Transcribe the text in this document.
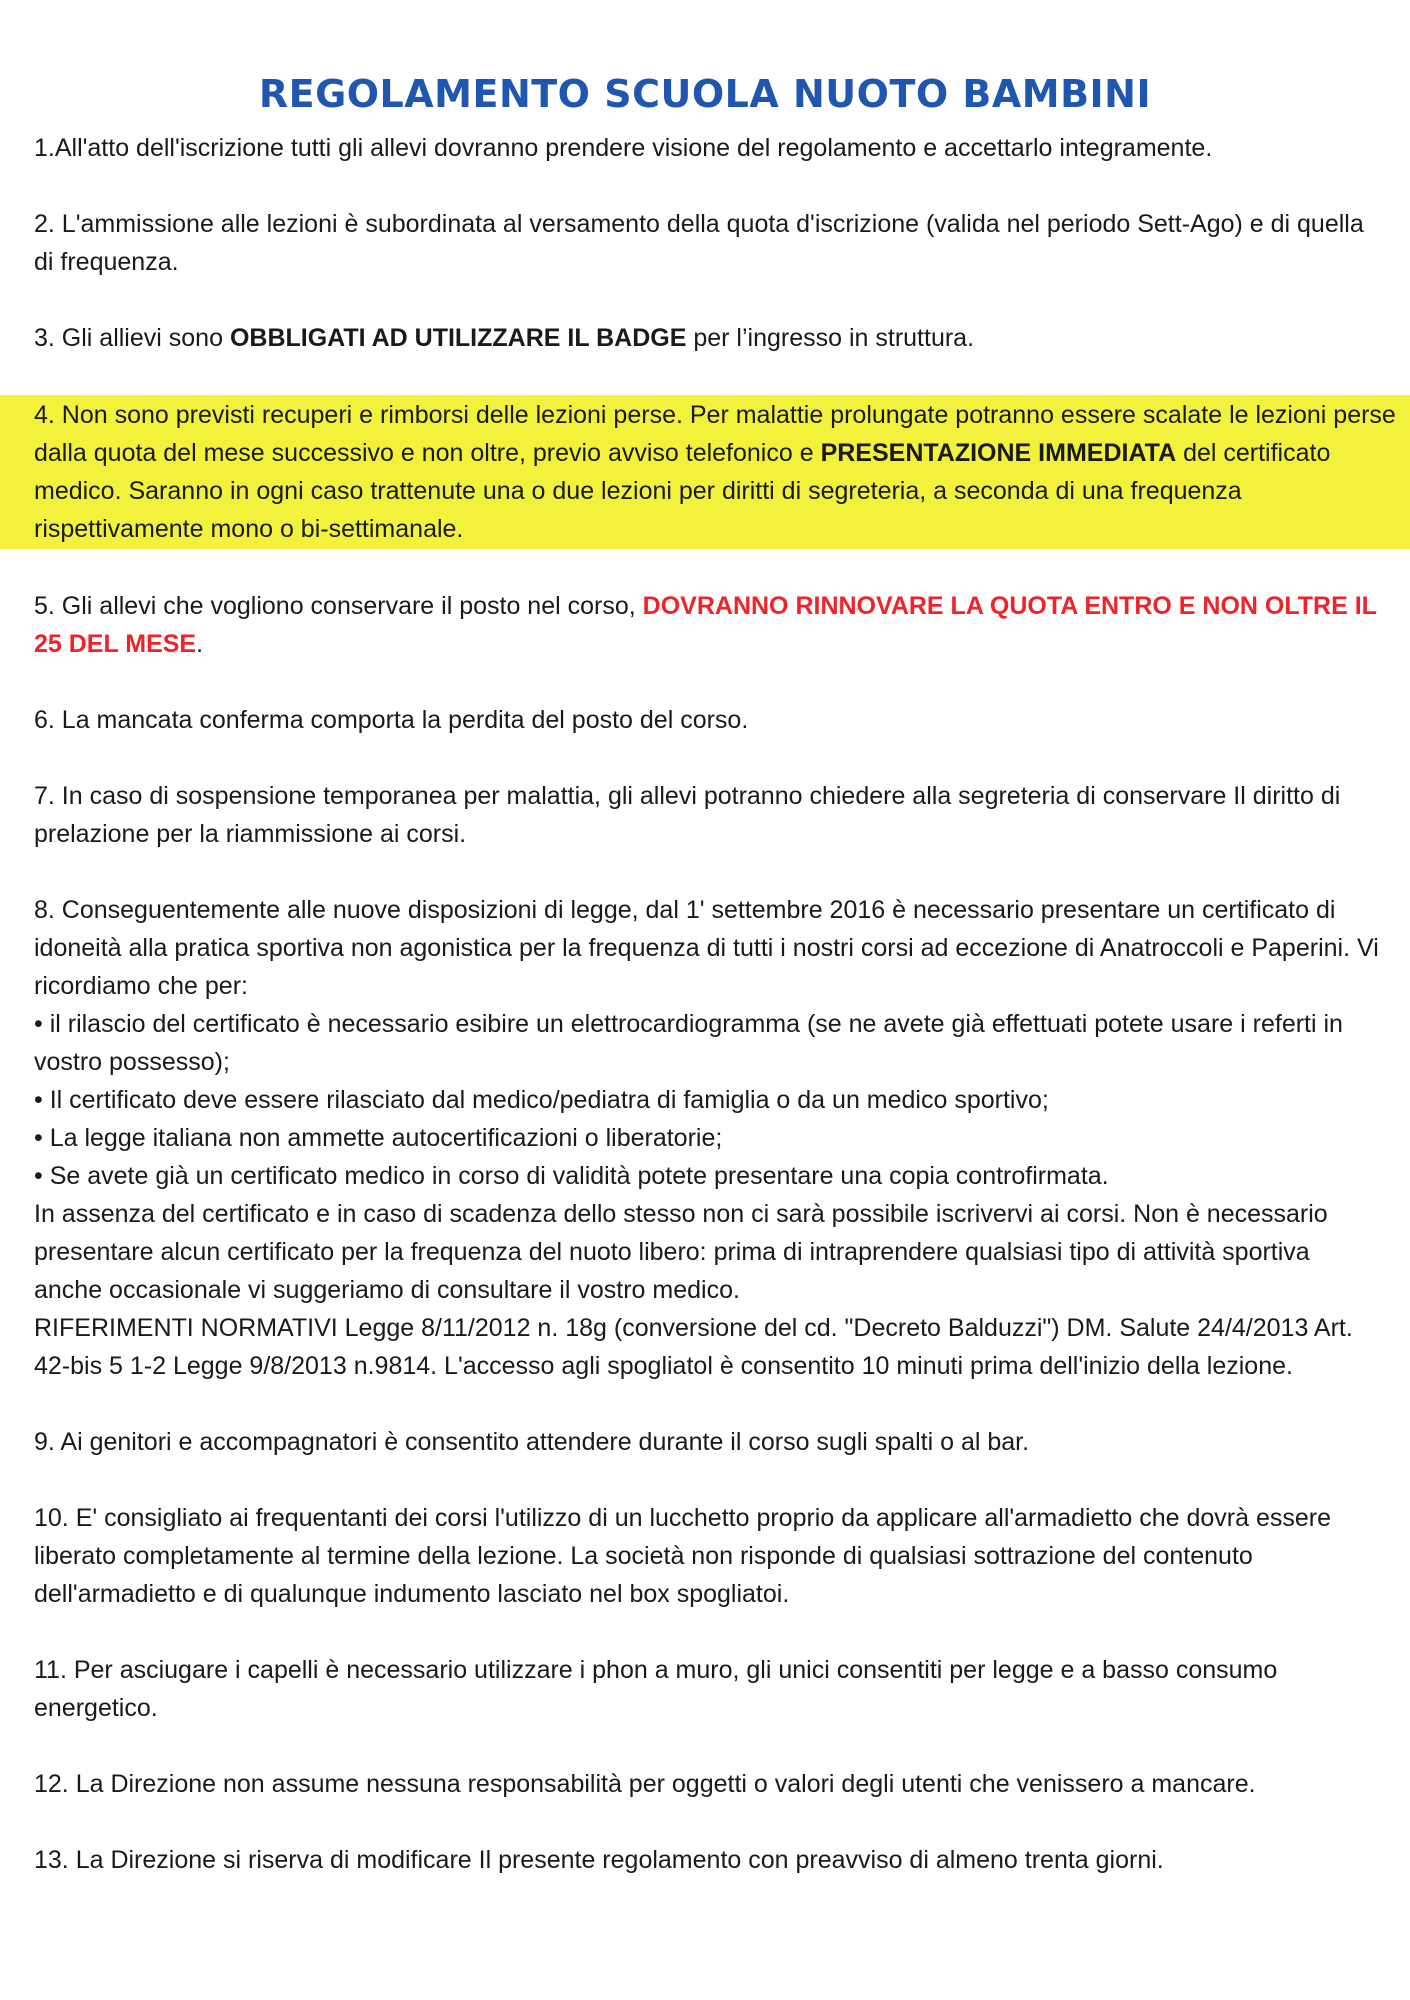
REGOLAMENTO SCUOLA NUOTO BAMBINI

1.All'atto dell'iscrizione tutti gli allevi dovranno prendere visione del regolamento e accettarlo integramente.

2. L'ammissione alle lezioni è subordinata al versamento della quota d'iscrizione (valida nel periodo Sett-Ago) e di quella di frequenza.

3. Gli allievi sono OBBLIGATI AD UTILIZZARE IL BADGE per l’ingresso in struttura.

4. Non sono previsti recuperi e rimborsi delle lezioni perse. Per malattie prolungate potranno essere scalate le lezioni perse dalla quota del mese successivo e non oltre, previo avviso telefonico e PRESENTAZIONE IMMEDIATA del certificato medico. Saranno in ogni caso trattenute una o due lezioni per diritti di segreteria, a seconda di una frequenza rispettivamente mono o bi-settimanale.

5. Gli allevi che vogliono conservare il posto nel corso, DOVRANNO RINNOVARE LA QUOTA ENTRO E NON OLTRE IL 25 DEL MESE.

6. La mancata conferma comporta la perdita del posto del corso.

7. In caso di sospensione temporanea per malattia, gli allevi potranno chiedere alla segreteria di conservare Il diritto di prelazione per la riammissione ai corsi.

8. Conseguentemente alle nuove disposizioni di legge, dal 1' settembre 2016 è necessario presentare un certificato di idoneità alla pratica sportiva non agonistica per la frequenza di tutti i nostri corsi ad eccezione di Anatroccoli e Paperini. Vi ricordiamo che per:

• il rilascio del certificato è necessario esibire un elettrocardiogramma (se ne avete già effettuati potete usare i referti in vostro possesso);

• Il certificato deve essere rilasciato dal medico/pediatra di famiglia o da un medico sportivo;

• La legge italiana non ammette autocertificazioni o liberatorie;

• Se avete già un certificato medico in corso di validità potete presentare una copia controfirmata.

In assenza del certificato e in caso di scadenza dello stesso non ci sarà possibile iscrivervi ai corsi. Non è necessario presentare alcun certificato per la frequenza del nuoto libero: prima di intraprendere qualsiasi tipo di attività sportiva anche occasionale vi suggeriamo di consultare il vostro medico.

RIFERIMENTI NORMATIVI Legge 8/11/2012 n. 18g (conversione del cd. "Decreto Balduzzi") DM. Salute 24/4/2013 Art. 42-bis 5 1-2 Legge 9/8/2013 n.9814. L'accesso agli spogliatol è consentito 10 minuti prima dell'inizio della lezione.

9. Ai genitori e accompagnatori è consentito attendere durante il corso sugli spalti o al bar.

10. E' consigliato ai frequentanti dei corsi l'utilizzo di un lucchetto proprio da applicare all'armadietto che dovrà essere liberato completamente al termine della lezione. La società non risponde di qualsiasi sottrazione del contenuto dell'armadietto e di qualunque indumento lasciato nel box spogliatoi.

11. Per asciugare i capelli è necessario utilizzare i phon a muro, gli unici consentiti per legge e a basso consumo energetico.

12. La Direzione non assume nessuna responsabilità per oggetti o valori degli utenti che venissero a mancare.

13. La Direzione si riserva di modificare Il presente regolamento con preavviso di almeno trenta giorni.
